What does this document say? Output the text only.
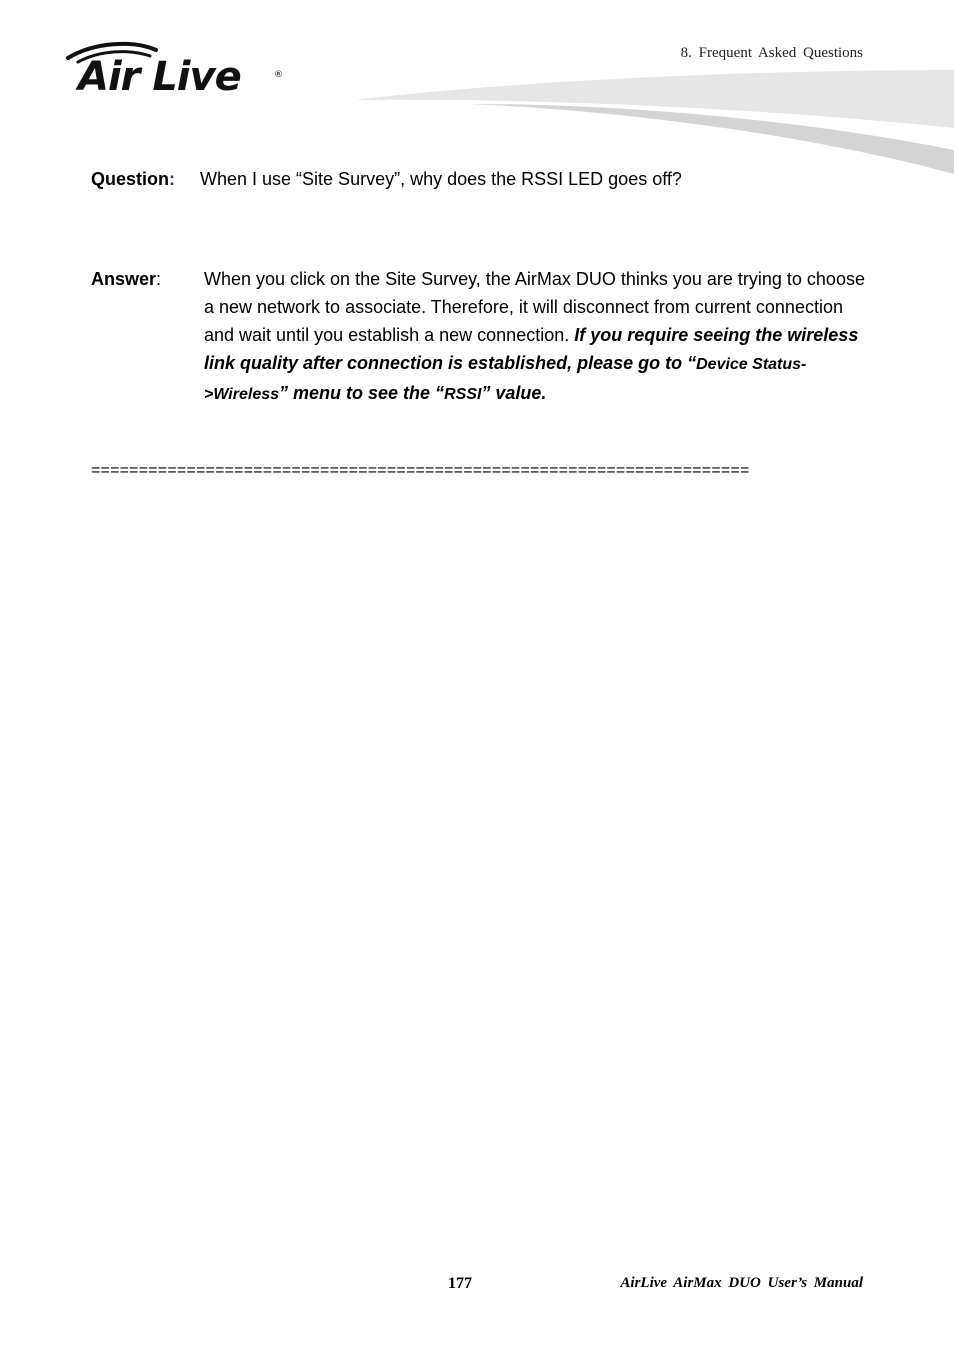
Air Live	®
8. Frequent Asked Questions
Question: When I use “Site Survey”, why does the RSSI LED goes off?
Answer: When you click on the Site Survey, the AirMax DUO thinks you are trying to choose a new network to associate. Therefore, it will disconnect from current connection and wait until you establish a new connection. If you require seeing the wireless link quality after connection is established, please go to “Device Status->Wireless” menu to see the “RSSI” value.
=====================================================================
177	AirLive AirMax DUO User’s Manual
